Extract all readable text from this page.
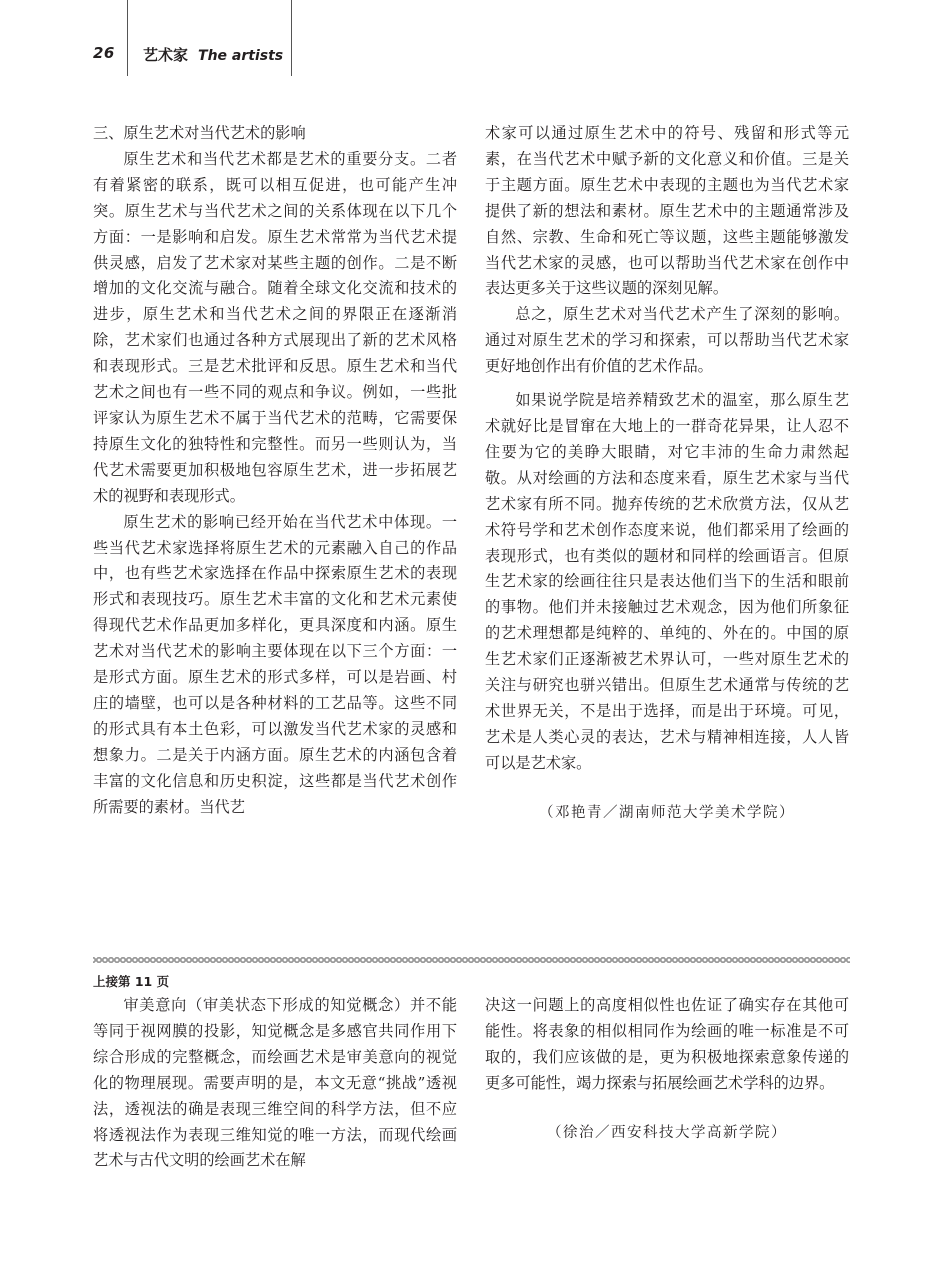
26 艺术家 The artists

三、原生艺术对当代艺术的影响

原生艺术和当代艺术都是艺术的重要分支。二者有着紧密的联系，既可以相互促进，也可能产生冲突。原生艺术与当代艺术之间的关系体现在以下几个方面：一是影响和启发。原生艺术常常为当代艺术提供灵感，启发了艺术家对某些主题的创作。二是不断增加的文化交流与融合。随着全球文化交流和技术的进步，原生艺术和当代艺术之间的界限正在逐渐消除，艺术家们也通过各种方式展现出了新的艺术风格和表现形式。三是艺术批评和反思。原生艺术和当代艺术之间也有一些不同的观点和争议。例如，一些批评家认为原生艺术不属于当代艺术的范畴，它需要保持原生文化的独特性和完整性。而另一些则认为，当代艺术需要更加积极地包容原生艺术，进一步拓展艺术的视野和表现形式。

原生艺术的影响已经开始在当代艺术中体现。一些当代艺术家选择将原生艺术的元素融入自己的作品中，也有些艺术家选择在作品中探索原生艺术的表现形式和表现技巧。原生艺术丰富的文化和艺术元素使得现代艺术作品更加多样化，更具深度和内涵。原生艺术对当代艺术的影响主要体现在以下三个方面：一是形式方面。原生艺术的形式多样，可以是岩画、村庄的墙壁，也可以是各种材料的工艺品等。这些不同的形式具有本土色彩，可以激发当代艺术家的灵感和想象力。二是关于内涵方面。原生艺术的内涵包含着丰富的文化信息和历史积淀，这些都是当代艺术创作所需要的素材。当代艺

术家可以通过原生艺术中的符号、残留和形式等元素，在当代艺术中赋予新的文化意义和价值。三是关于主题方面。原生艺术中表现的主题也为当代艺术家提供了新的想法和素材。原生艺术中的主题通常涉及自然、宗教、生命和死亡等议题，这些主题能够激发当代艺术家的灵感，也可以帮助当代艺术家在创作中表达更多关于这些议题的深刻见解。

总之，原生艺术对当代艺术产生了深刻的影响。通过对原生艺术的学习和探索，可以帮助当代艺术家更好地创作出有价值的艺术作品。

如果说学院是培养精致艺术的温室，那么原生艺术就好比是冒窜在大地上的一群奇花异果，让人忍不住要为它的美睁大眼睛，对它丰沛的生命力肃然起敬。从对绘画的方法和态度来看，原生艺术家与当代艺术家有所不同。抛弃传统的艺术欣赏方法，仅从艺术符号学和艺术创作态度来说，他们都采用了绘画的表现形式，也有类似的题材和同样的绘画语言。但原生艺术家的绘画往往只是表达他们当下的生活和眼前的事物。他们并未接触过艺术观念，因为他们所象征的艺术理想都是纯粹的、单纯的、外在的。中国的原生艺术家们正逐渐被艺术界认可，一些对原生艺术的关注与研究也骈兴错出。但原生艺术通常与传统的艺术世界无关，不是出于选择，而是出于环境。可见，艺术是人类心灵的表达，艺术与精神相连接，人人皆可以是艺术家。

（邓艳青／湖南师范大学美术学院）

上接第 11 页

审美意向（审美状态下形成的知觉概念）并不能等同于视网膜的投影，知觉概念是多感官共同作用下综合形成的完整概念，而绘画艺术是审美意向的视觉化的物理展现。需要声明的是，本文无意“挑战”透视法，透视法的确是表现三维空间的科学方法，但不应将透视法作为表现三维知觉的唯一方法，而现代绘画艺术与古代文明的绘画艺术在解

决这一问题上的高度相似性也佐证了确实存在其他可能性。将表象的相似相同作为绘画的唯一标准是不可取的，我们应该做的是，更为积极地探索意象传递的更多可能性，竭力探索与拓展绘画艺术学科的边界。

（徐治／西安科技大学高新学院）
